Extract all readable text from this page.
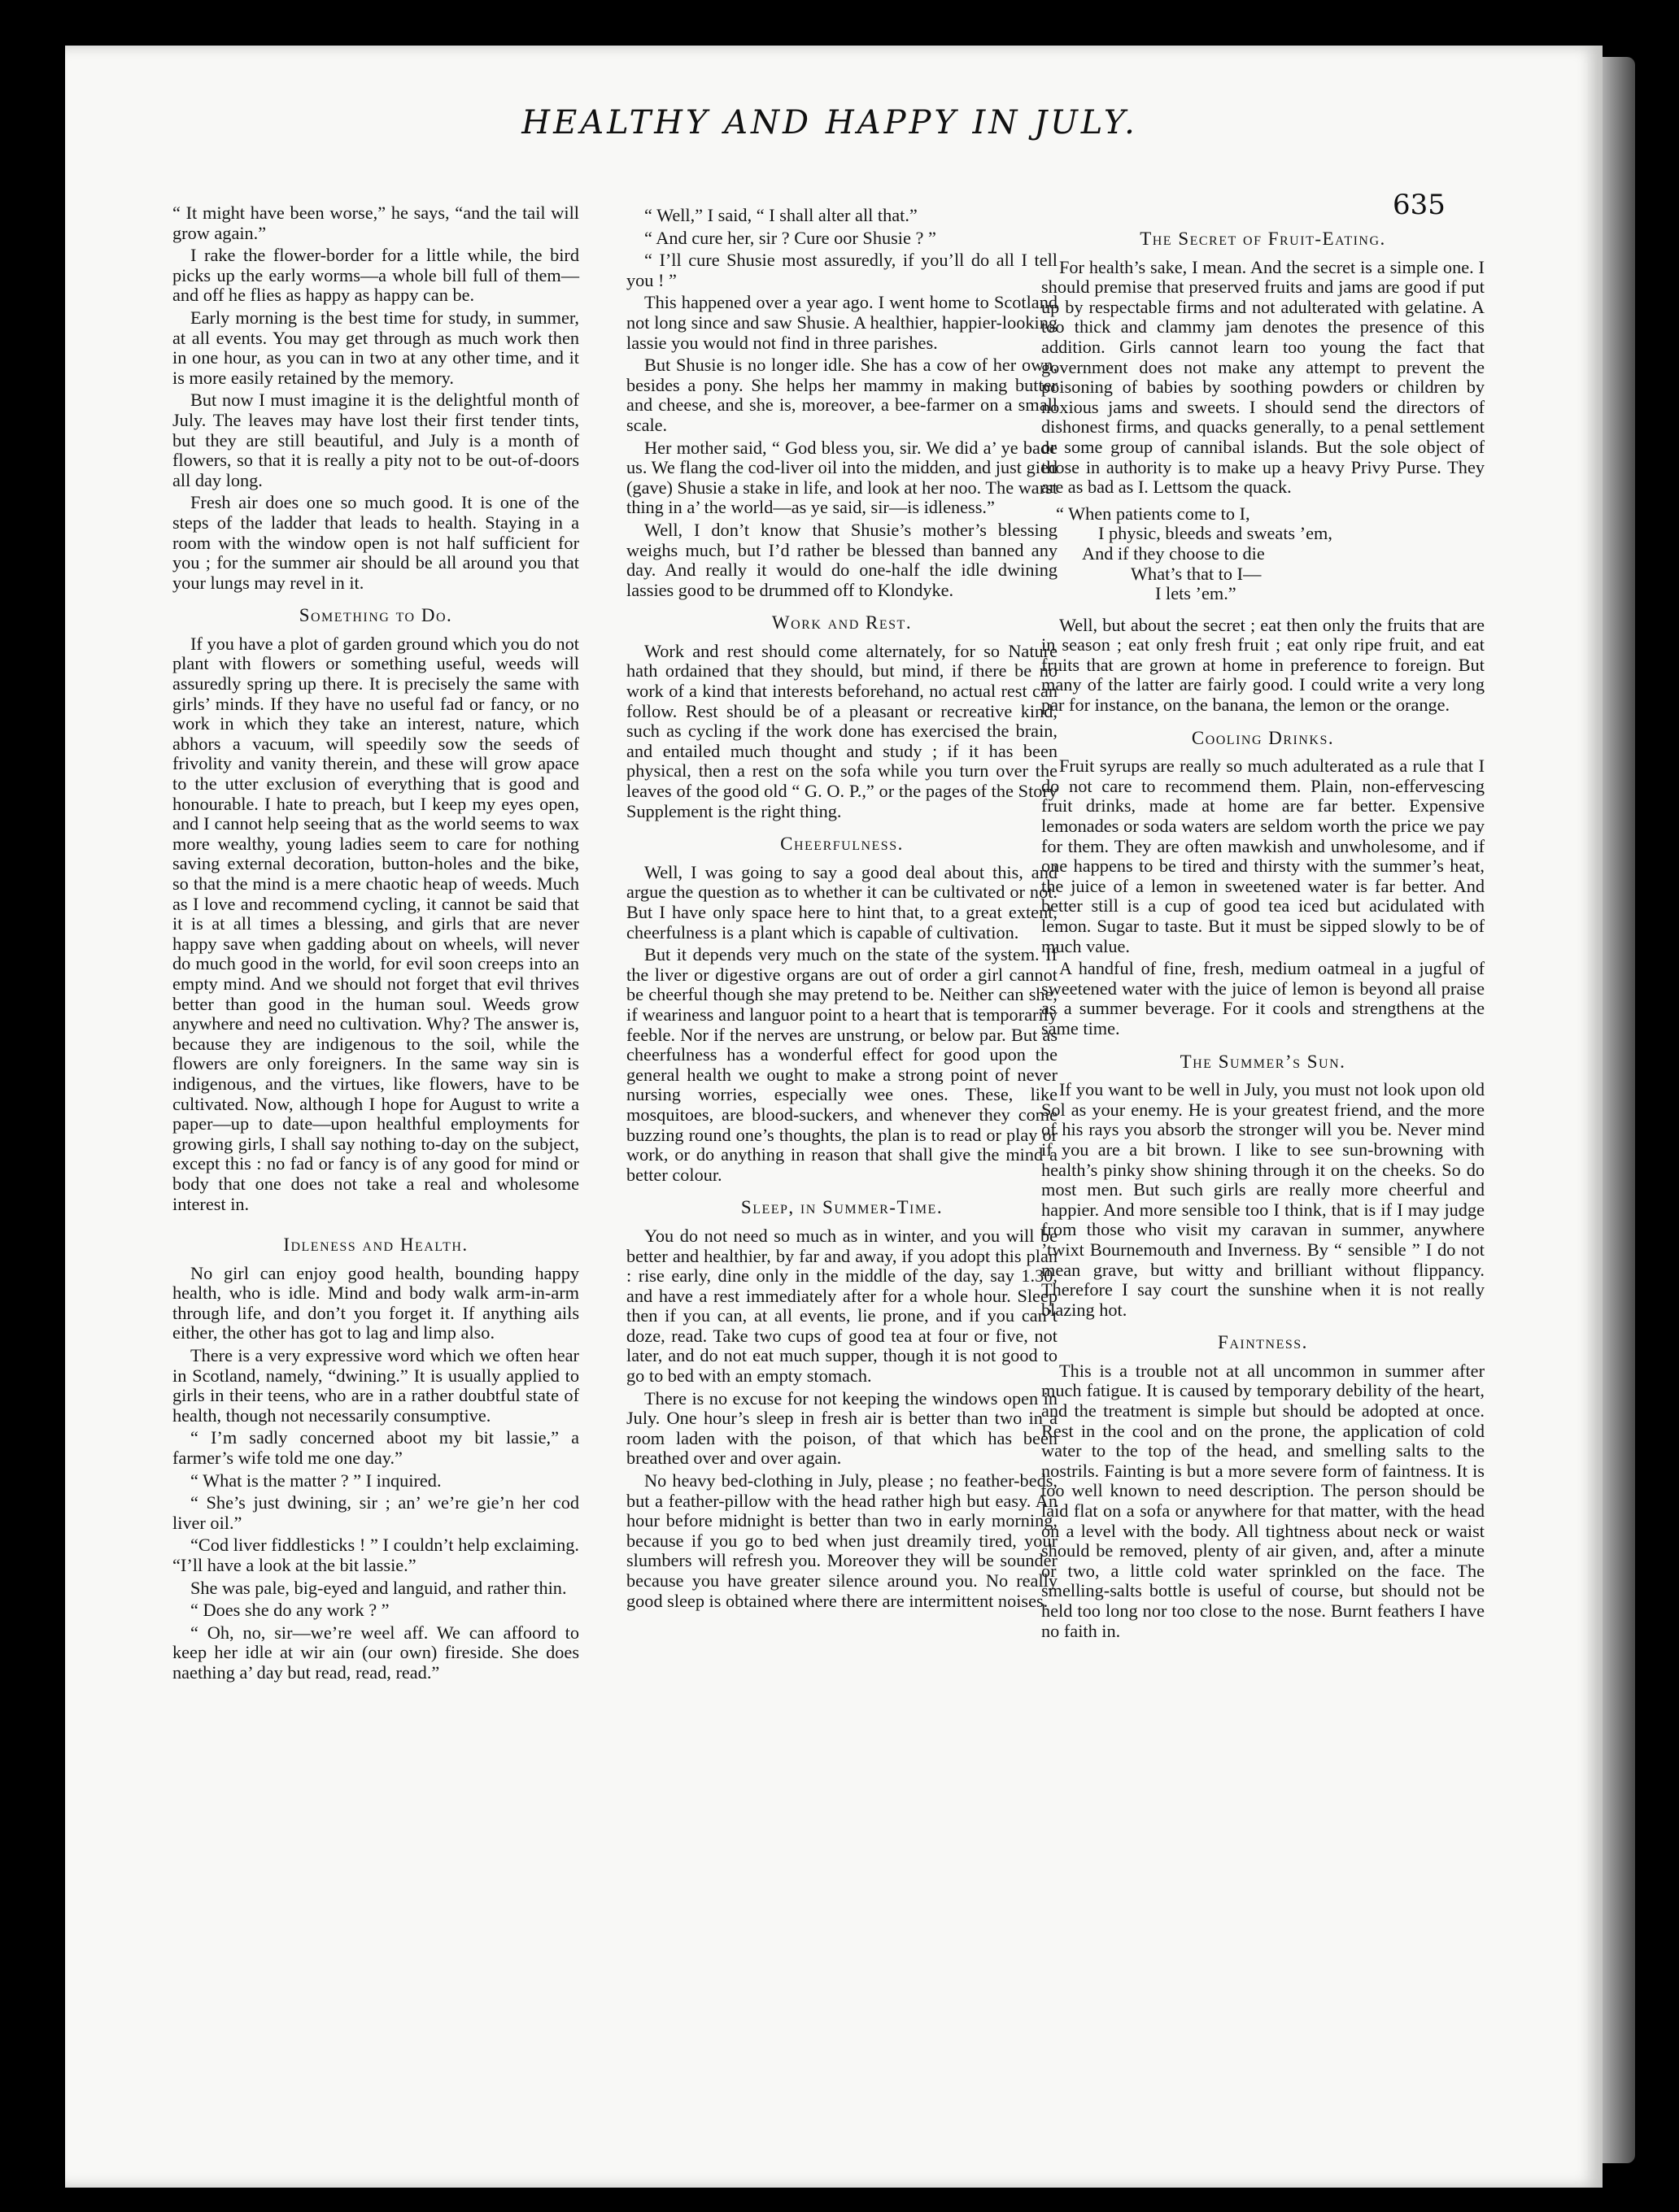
HEALTHY AND HAPPY IN JULY.
635

“ It might have been worse,” he says, “and the tail will grow again.”

I rake the flower-border for a little while, the bird picks up the early worms—a whole bill full of them—and off he flies as happy as happy can be.

Early morning is the best time for study, in summer, at all events. You may get through as much work then in one hour, as you can in two at any other time, and it is more easily retained by the memory.

But now I must imagine it is the delightful month of July. The leaves may have lost their first tender tints, but they are still beautiful, and July is a month of flowers, so that it is really a pity not to be out-of-doors all day long.

Fresh air does one so much good. It is one of the steps of the ladder that leads to health. Staying in a room with the window open is not half sufficient for you ; for the summer air should be all around you that your lungs may revel in it.

Something to Do.

If you have a plot of garden ground which you do not plant with flowers or something useful, weeds will assuredly spring up there. It is precisely the same with girls’ minds. If they have no useful fad or fancy, or no work in which they take an interest, nature, which abhors a vacuum, will speedily sow the seeds of frivolity and vanity therein, and these will grow apace to the utter exclusion of everything that is good and honourable. I hate to preach, but I keep my eyes open, and I cannot help seeing that as the world seems to wax more wealthy, young ladies seem to care for nothing saving external decoration, button-holes and the bike, so that the mind is a mere chaotic heap of weeds. Much as I love and recommend cycling, it cannot be said that it is at all times a blessing, and girls that are never happy save when gadding about on wheels, will never do much good in the world, for evil soon creeps into an empty mind. And we should not forget that evil thrives better than good in the human soul. Weeds grow anywhere and need no cultivation. Why? The answer is, because they are indigenous to the soil, while the flowers are only foreigners. In the same way sin is indigenous, and the virtues, like flowers, have to be cultivated. Now, although I hope for August to write a paper—up to date—upon healthful employments for growing girls, I shall say nothing to-day on the subject, except this : no fad or fancy is of any good for mind or body that one does not take a real and wholesome interest in.

Idleness and Health.

No girl can enjoy good health, bounding happy health, who is idle. Mind and body walk arm-in-arm through life, and don’t you forget it. If anything ails either, the other has got to lag and limp also.

There is a very expressive word which we often hear in Scotland, namely, “dwining.” It is usually applied to girls in their teens, who are in a rather doubtful state of health, though not necessarily consumptive.

“ I’m sadly concerned aboot my bit lassie,” a farmer’s wife told me one day.”

“ What is the matter ? ” I inquired.

“ She’s just dwining, sir ; an’ we’re gie’n her cod liver oil.”

“Cod liver fiddlesticks ! ” I couldn’t help exclaiming. “I’ll have a look at the bit lassie.”

She was pale, big-eyed and languid, and rather thin.

“ Does she do any work ? ”

“ Oh, no, sir—we’re weel aff. We can affoord to keep her idle at wir ain (our own) fireside. She does naething a’ day but read, read, read.”

“ Well,” I said, “ I shall alter all that.”

“ And cure her, sir ? Cure oor Shusie ? ”

“ I’ll cure Shusie most assuredly, if you’ll do all I tell you ! ”

This happened over a year ago. I went home to Scotland not long since and saw Shusie. A healthier, happier-looking lassie you would not find in three parishes.

But Shusie is no longer idle. She has a cow of her own, besides a pony. She helps her mammy in making butter and cheese, and she is, moreover, a bee-farmer on a small scale.

Her mother said, “ God bless you, sir. We did a’ ye bade us. We flang the cod-liver oil into the midden, and just gied (gave) Shusie a stake in life, and look at her noo. The warst thing in a’ the world—as ye said, sir—is idleness.”

Well, I don’t know that Shusie’s mother’s blessing weighs much, but I’d rather be blessed than banned any day. And really it would do one-half the idle dwining lassies good to be drummed off to Klondyke.

Work and Rest.

Work and rest should come alternately, for so Nature hath ordained that they should, but mind, if there be no work of a kind that interests beforehand, no actual rest can follow. Rest should be of a pleasant or recreative kind, such as cycling if the work done has exercised the brain, and entailed much thought and study ; if it has been physical, then a rest on the sofa while you turn over the leaves of the good old “ G. O. P.,” or the pages of the Story Supplement is the right thing.

Cheerfulness.

Well, I was going to say a good deal about this, and argue the question as to whether it can be cultivated or not. But I have only space here to hint that, to a great extent, cheerfulness is a plant which is capable of cultivation.

But it depends very much on the state of the system. If the liver or digestive organs are out of order a girl cannot be cheerful though she may pretend to be. Neither can she, if weariness and languor point to a heart that is temporarily feeble. Nor if the nerves are unstrung, or below par. But as cheerfulness has a wonderful effect for good upon the general health we ought to make a strong point of never nursing worries, especially wee ones. These, like mosquitoes, are blood-suckers, and whenever they come buzzing round one’s thoughts, the plan is to read or play or work, or do anything in reason that shall give the mind a better colour.

Sleep, in Summer-Time.

You do not need so much as in winter, and you will be better and healthier, by far and away, if you adopt this plan : rise early, dine only in the middle of the day, say 1.30, and have a rest immediately after for a whole hour. Sleep then if you can, at all events, lie prone, and if you can’t doze, read. Take two cups of good tea at four or five, not later, and do not eat much supper, though it is not good to go to bed with an empty stomach.

There is no excuse for not keeping the windows open in July. One hour’s sleep in fresh air is better than two in a room laden with the poison, of that which has been breathed over and over again.

No heavy bed-clothing in July, please ; no feather-beds, but a feather-pillow with the head rather high but easy. An hour before midnight is better than two in early morning, because if you go to bed when just dreamily tired, your slumbers will refresh you. Moreover they will be sounder because you have greater silence around you. No really good sleep is obtained where there are intermittent noises.

The Secret of Fruit-Eating.

For health’s sake, I mean. And the secret is a simple one. I should premise that preserved fruits and jams are good if put up by respectable firms and not adulterated with gelatine. A too thick and clammy jam denotes the presence of this addition. Girls cannot learn too young the fact that government does not make any attempt to prevent the poisoning of babies by soothing powders or children by noxious jams and sweets. I should send the directors of dishonest firms, and quacks generally, to a penal settlement or some group of cannibal islands. But the sole object of those in authority is to make up a heavy Privy Purse. They are as bad as I. Lettsom the quack.

“ When patients come to I,
I physic, bleeds and sweats ’em,
And if they choose to die
What’s that to I—
I lets ’em.”

Well, but about the secret ; eat then only the fruits that are in season ; eat only fresh fruit ; eat only ripe fruit, and eat fruits that are grown at home in preference to foreign. But many of the latter are fairly good. I could write a very long par for instance, on the banana, the lemon or the orange.

Cooling Drinks.

Fruit syrups are really so much adulterated as a rule that I do not care to recommend them. Plain, non-effervescing fruit drinks, made at home are far better. Expensive lemonades or soda waters are seldom worth the price we pay for them. They are often mawkish and unwholesome, and if one happens to be tired and thirsty with the summer’s heat, the juice of a lemon in sweetened water is far better. And better still is a cup of good tea iced but acidulated with lemon. Sugar to taste. But it must be sipped slowly to be of much value.

A handful of fine, fresh, medium oatmeal in a jugful of sweetened water with the juice of lemon is beyond all praise as a summer beverage. For it cools and strengthens at the same time.

The Summer’s Sun.

If you want to be well in July, you must not look upon old Sol as your enemy. He is your greatest friend, and the more of his rays you absorb the stronger will you be. Never mind if you are a bit brown. I like to see sun-browning with health’s pinky show shining through it on the cheeks. So do most men. But such girls are really more cheerful and happier. And more sensible too I think, that is if I may judge from those who visit my caravan in summer, anywhere ’twixt Bournemouth and Inverness. By “ sensible ” I do not mean grave, but witty and brilliant without flippancy. Therefore I say court the sunshine when it is not really blazing hot.

Faintness.

This is a trouble not at all uncommon in summer after much fatigue. It is caused by temporary debility of the heart, and the treatment is simple but should be adopted at once. Rest in the cool and on the prone, the application of cold water to the top of the head, and smelling salts to the nostrils. Fainting is but a more severe form of faintness. It is too well known to need description. The person should be laid flat on a sofa or anywhere for that matter, with the head on a level with the body. All tightness about neck or waist should be removed, plenty of air given, and, after a minute or two, a little cold water sprinkled on the face. The smelling-salts bottle is useful of course, but should not be held too long nor too close to the nose. Burnt feathers I have no faith in.
